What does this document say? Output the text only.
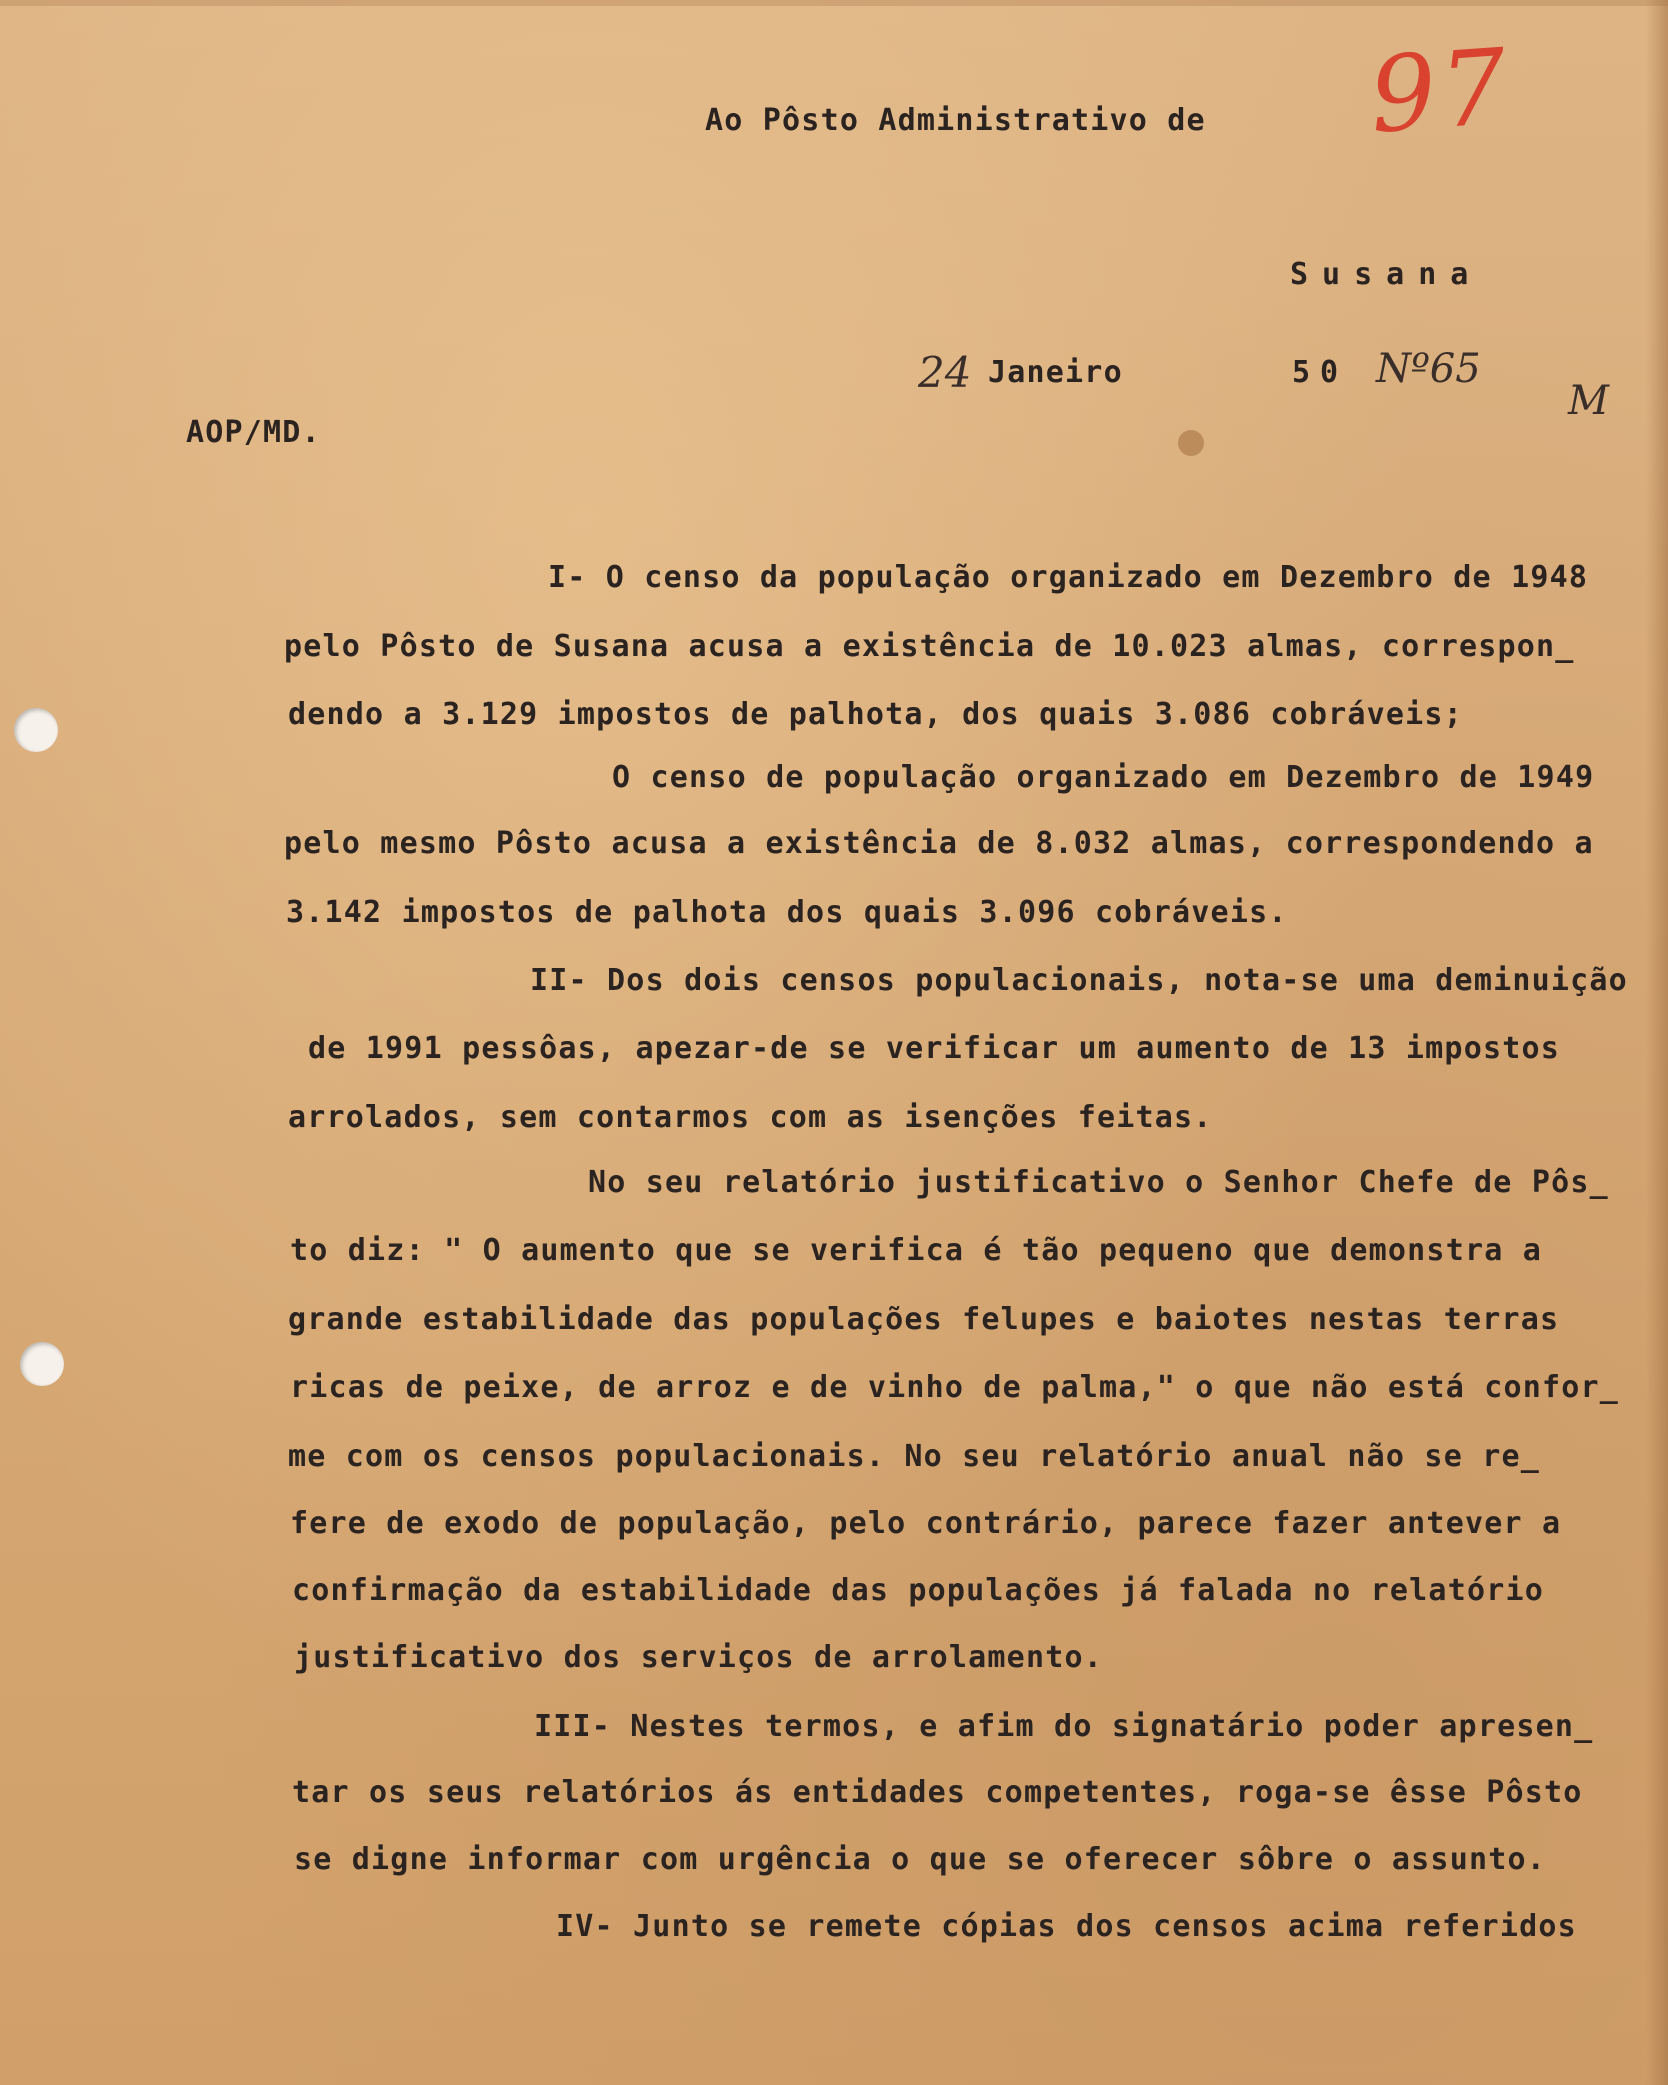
97
Ao Pôsto Administrativo de
Susana
24 Janeiro	50 Nº65
M
AOP/MD.
I- O censo da população organizado em Dezembro de 1948
pelo Pôsto de Susana acusa a existência de 10.023 almas, correspon_
dendo a 3.129 impostos de palhota, dos quais 3.086 cobráveis;
O censo de população organizado em Dezembro de 1949
pelo mesmo Pôsto acusa a existência de 8.032 almas, correspondendo a
3.142 impostos de palhota dos quais 3.096 cobráveis.
II- Dos dois censos populacionais, nota-se uma deminuição
de 1991 pessôas, apezar-de se verificar um aumento de 13 impostos
arrolados, sem contarmos com as isenções feitas.
No seu relatório justificativo o Senhor Chefe de Pôs_
to diz: " O aumento que se verifica é tão pequeno que demonstra a
grande estabilidade das populações felupes e baiotes nestas terras
ricas de peixe, de arroz e de vinho de palma," o que não está confor_
me com os censos populacionais. No seu relatório anual não se re_
fere de exodo de população, pelo contrário, parece fazer antever a
confirmação da estabilidade das populações já falada no relatório
justificativo dos serviços de arrolamento.
III- Nestes termos, e afim do signatário poder apresen_
tar os seus relatórios ás entidades competentes, roga-se êsse Pôsto
se digne informar com urgência o que se oferecer sôbre o assunto.
IV- Junto se remete cópias dos censos acima referidos
